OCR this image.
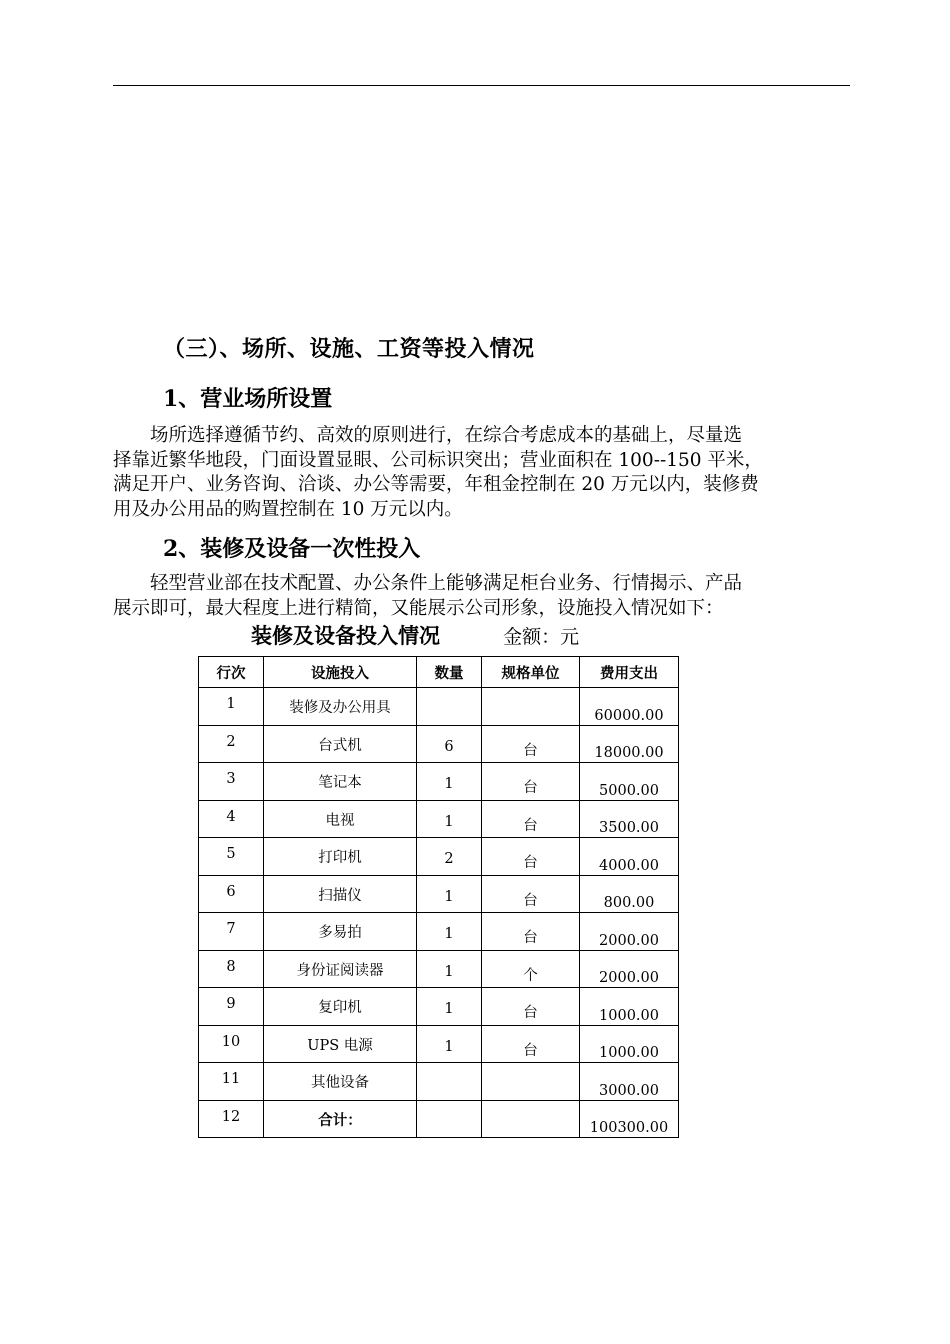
（三）、场所、设施、工资等投入情况
1、营业场所设置
　　场所选择遵循节约、高效的原则进行，在综合考虑成本的基础上，尽量选
择靠近繁华地段，门面设置显眼、公司标识突出；营业面积在 100--150 平米，
满足开户、业务咨询、洽谈、办公等需要，年租金控制在 20 万元以内，装修费
用及办公用品的购置控制在 10 万元以内。
2、装修及设备一次性投入
　　轻型营业部在技术配置、办公条件上能够满足柜台业务、行情揭示、产品
展示即可，最大程度上进行精简，又能展示公司形象，设施投入情况如下：
装修及设备投入情况	金额：元
行次	设施投入	数量	规格单位	费用支出

1	装修及办公用具			60000.00

2	台式机	6	台	18000.00

3	笔记本	1	台	5000.00

4	电视	1	台	3500.00

5	打印机	2	台	4000.00

6	扫描仪	1	台	800.00

7	多易拍	1	台	2000.00

8	身份证阅读器	1	个	2000.00

9	复印机	1	台	1000.00

10	UPS 电源	1	台	1000.00

11	其他设备			3000.00

12	合计：			100300.00
